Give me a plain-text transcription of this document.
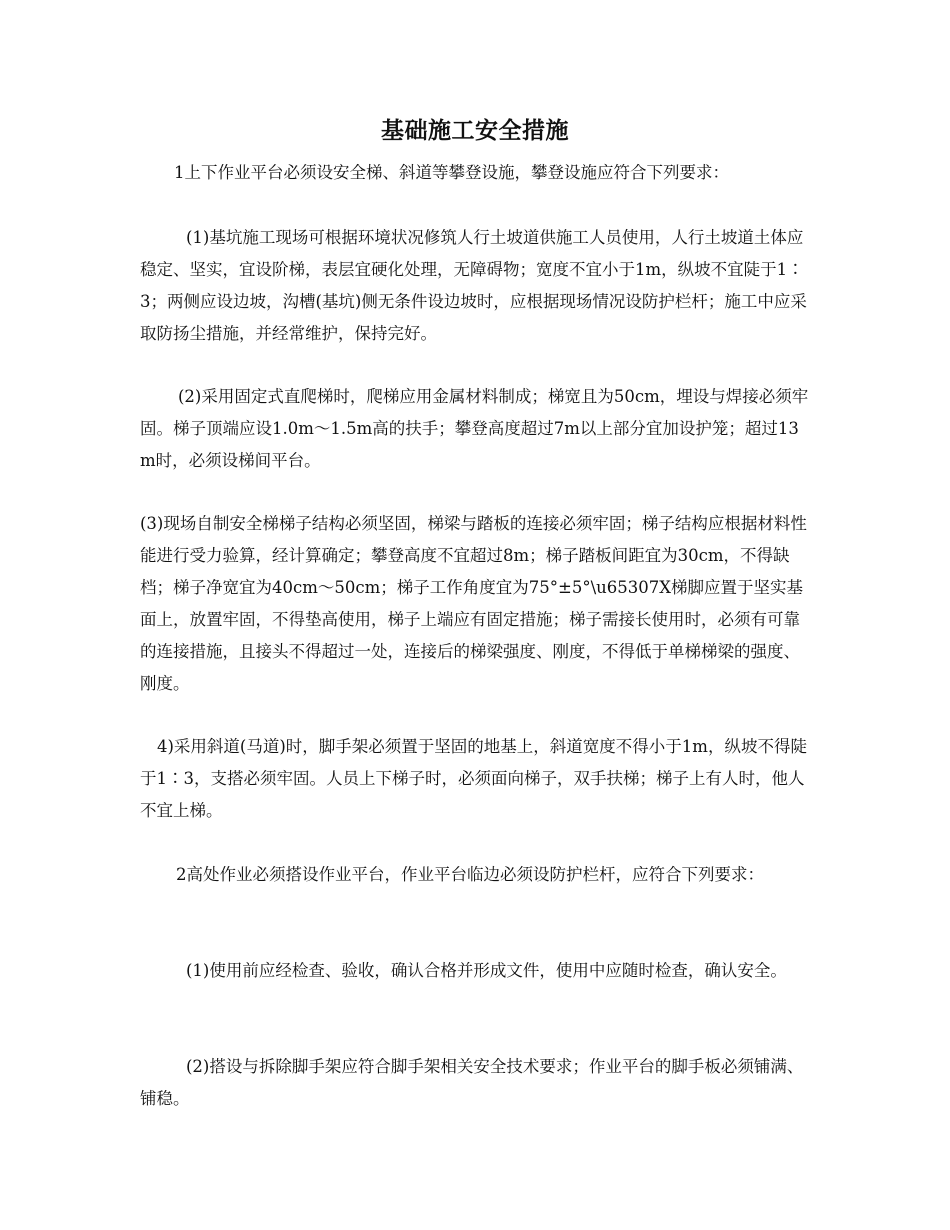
基础施工安全措施

1上下作业平台必须设安全梯、斜道等攀登设施，攀登设施应符合下列要求：

(1)基坑施工现场可根据环境状况修筑人行土坡道供施工人员使用，人行土坡道土体应稳定、坚实，宜设阶梯，表层宜硬化处理，无障碍物；宽度不宜小于1m，纵坡不宜陡于1∶3；两侧应设边坡，沟槽(基坑)侧无条件设边坡时，应根据现场情况设防护栏杆；施工中应采取防扬尘措施，并经常维护，保持完好。

(2)采用固定式直爬梯时，爬梯应用金属材料制成；梯宽且为50cm，埋设与焊接必须牢固。梯子顶端应设1.0m～1.5m高的扶手；攀登高度超过7m以上部分宜加设护笼；超过13m时，必须设梯间平台。

(3)现场自制安全梯梯子结构必须坚固，梯梁与踏板的连接必须牢固；梯子结构应根据材料性能进行受力验算，经计算确定；攀登高度不宜超过8m；梯子踏板间距宜为30cm，不得缺档；梯子净宽宜为40cm～50cm；梯子工作角度宜为75°±5°\u65307X梯脚应置于坚实基面上，放置牢固，不得垫高使用，梯子上端应有固定措施；梯子需接长使用时，必须有可靠的连接措施，且接头不得超过一处，连接后的梯梁强度、刚度，不得低于单梯梯梁的强度、刚度。

4)采用斜道(马道)时，脚手架必须置于坚固的地基上，斜道宽度不得小于1m，纵坡不得陡于1∶3，支搭必须牢固。人员上下梯子时，必须面向梯子，双手扶梯；梯子上有人时，他人不宜上梯。

2高处作业必须搭设作业平台，作业平台临边必须设防护栏杆，应符合下列要求：

(1)使用前应经检查、验收，确认合格并形成文件，使用中应随时检查，确认安全。

(2)搭设与拆除脚手架应符合脚手架相关安全技术要求；作业平台的脚手板必须铺满、铺稳。
